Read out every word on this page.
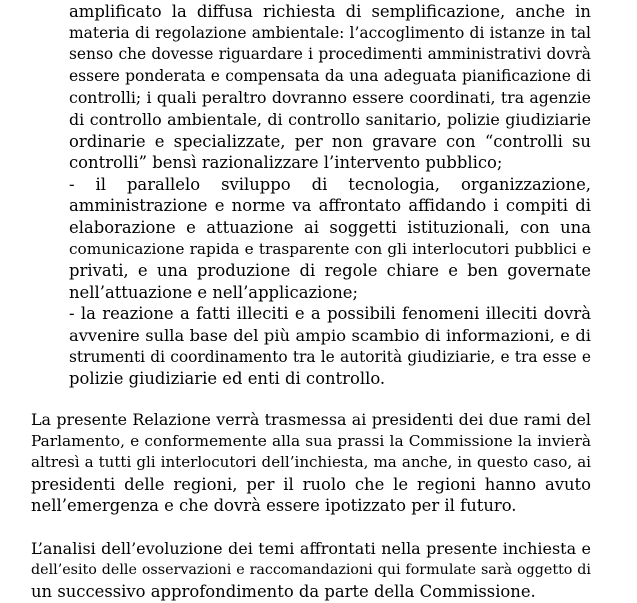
amplificato la diffusa richiesta di semplificazione, anche in
materia di regolazione ambientale: l’accoglimento di istanze in tal
senso che dovesse riguardare i procedimenti amministrativi dovrà
essere ponderata e compensata da una adeguata pianificazione di
controlli; i quali peraltro dovranno essere coordinati, tra agenzie
di controllo ambientale, di controllo sanitario, polizie giudiziarie
ordinarie e specializzate, per non gravare con “controlli su
controlli” bensì razionalizzare l’intervento pubblico;
- il parallelo sviluppo di tecnologia, organizzazione,
amministrazione e norme va affrontato affidando i compiti di
elaborazione e attuazione ai soggetti istituzionali, con una
comunicazione rapida e trasparente con gli interlocutori pubblici e
privati, e una produzione di regole chiare e ben governate
nell’attuazione e nell’applicazione;
- la reazione a fatti illeciti e a possibili fenomeni illeciti dovrà
avvenire sulla base del più ampio scambio di informazioni, e di
strumenti di coordinamento tra le autorità giudiziarie, e tra esse e
polizie giudiziarie ed enti di controllo.
La presente Relazione verrà trasmessa ai presidenti dei due rami del
Parlamento, e conformemente alla sua prassi la Commissione la invierà
altresì a tutti gli interlocutori dell’inchiesta, ma anche, in questo caso, ai
presidenti delle regioni, per il ruolo che le regioni hanno avuto
nell’emergenza e che dovrà essere ipotizzato per il futuro.
L’analisi dell’evoluzione dei temi affrontati nella presente inchiesta e
dell’esito delle osservazioni e raccomandazioni qui formulate sarà oggetto di
un successivo approfondimento da parte della Commissione.
